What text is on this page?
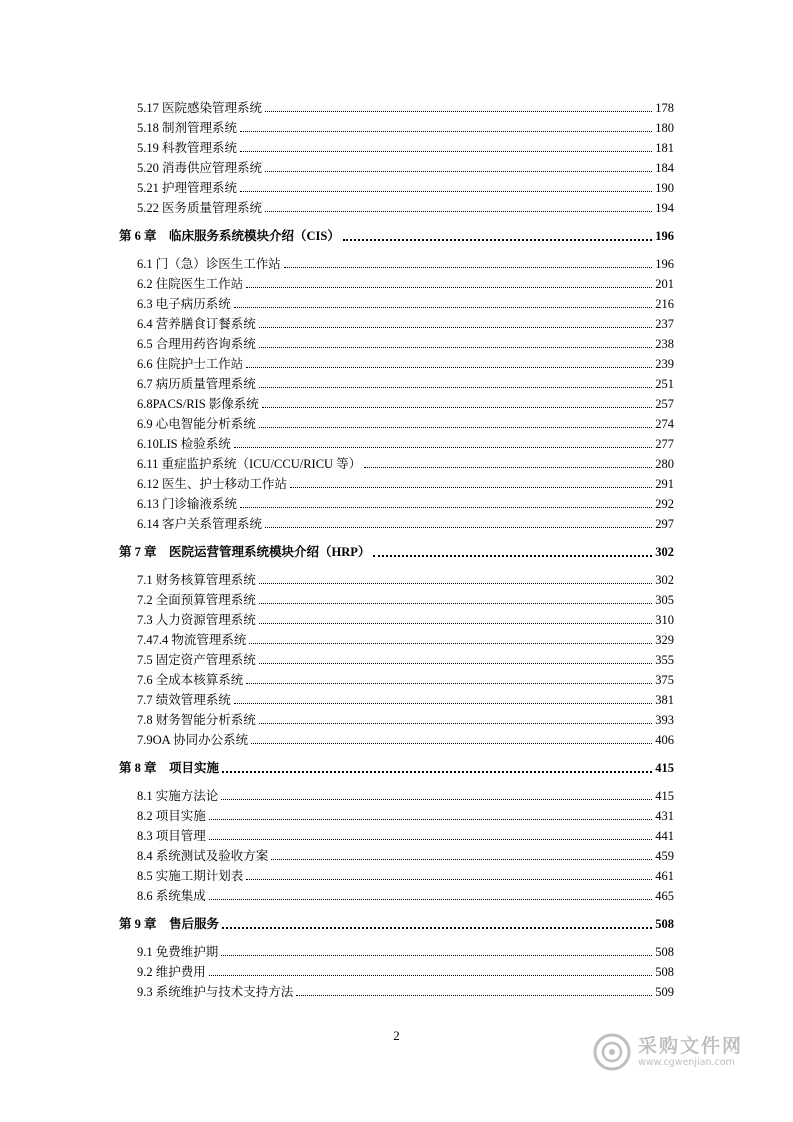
5.17 医院感染管理系统	178
5.18 制剂管理系统	180
5.19 科教管理系统	181
5.20 消毒供应管理系统	184
5.21 护理管理系统	190
5.22 医务质量管理系统	194
第 6 章　临床服务系统模块介绍（CIS）	196
6.1 门（急）诊医生工作站	196
6.2 住院医生工作站	201
6.3 电子病历系统	216
6.4 营养膳食订餐系统	237
6.5 合理用药咨询系统	238
6.6 住院护士工作站	239
6.7 病历质量管理系统	251
6.8PACS/RIS 影像系统	257
6.9 心电智能分析系统	274
6.10LIS 检验系统	277
6.11 重症监护系统（ICU/CCU/RICU 等）	280
6.12 医生、护士移动工作站	291
6.13 门诊输液系统	292
6.14 客户关系管理系统	297
第 7 章　医院运营管理系统模块介绍（HRP）	302
7.1 财务核算管理系统	302
7.2 全面预算管理系统	305
7.3 人力资源管理系统	310
7.47.4 物流管理系统	329
7.5 固定资产管理系统	355
7.6 全成本核算系统	375
7.7 绩效管理系统	381
7.8 财务智能分析系统	393
7.9OA 协同办公系统	406
第 8 章　项目实施	415
8.1 实施方法论	415
8.2 项目实施	431
8.3 项目管理	441
8.4 系统测试及验收方案	459
8.5 实施工期计划表	461
8.6 系统集成	465
第 9 章　售后服务	508
9.1 免费维护期	508
9.2 维护费用	508
9.3 系统维护与技术支持方法	509
2	采购文件网
www.cgwenjian.com
